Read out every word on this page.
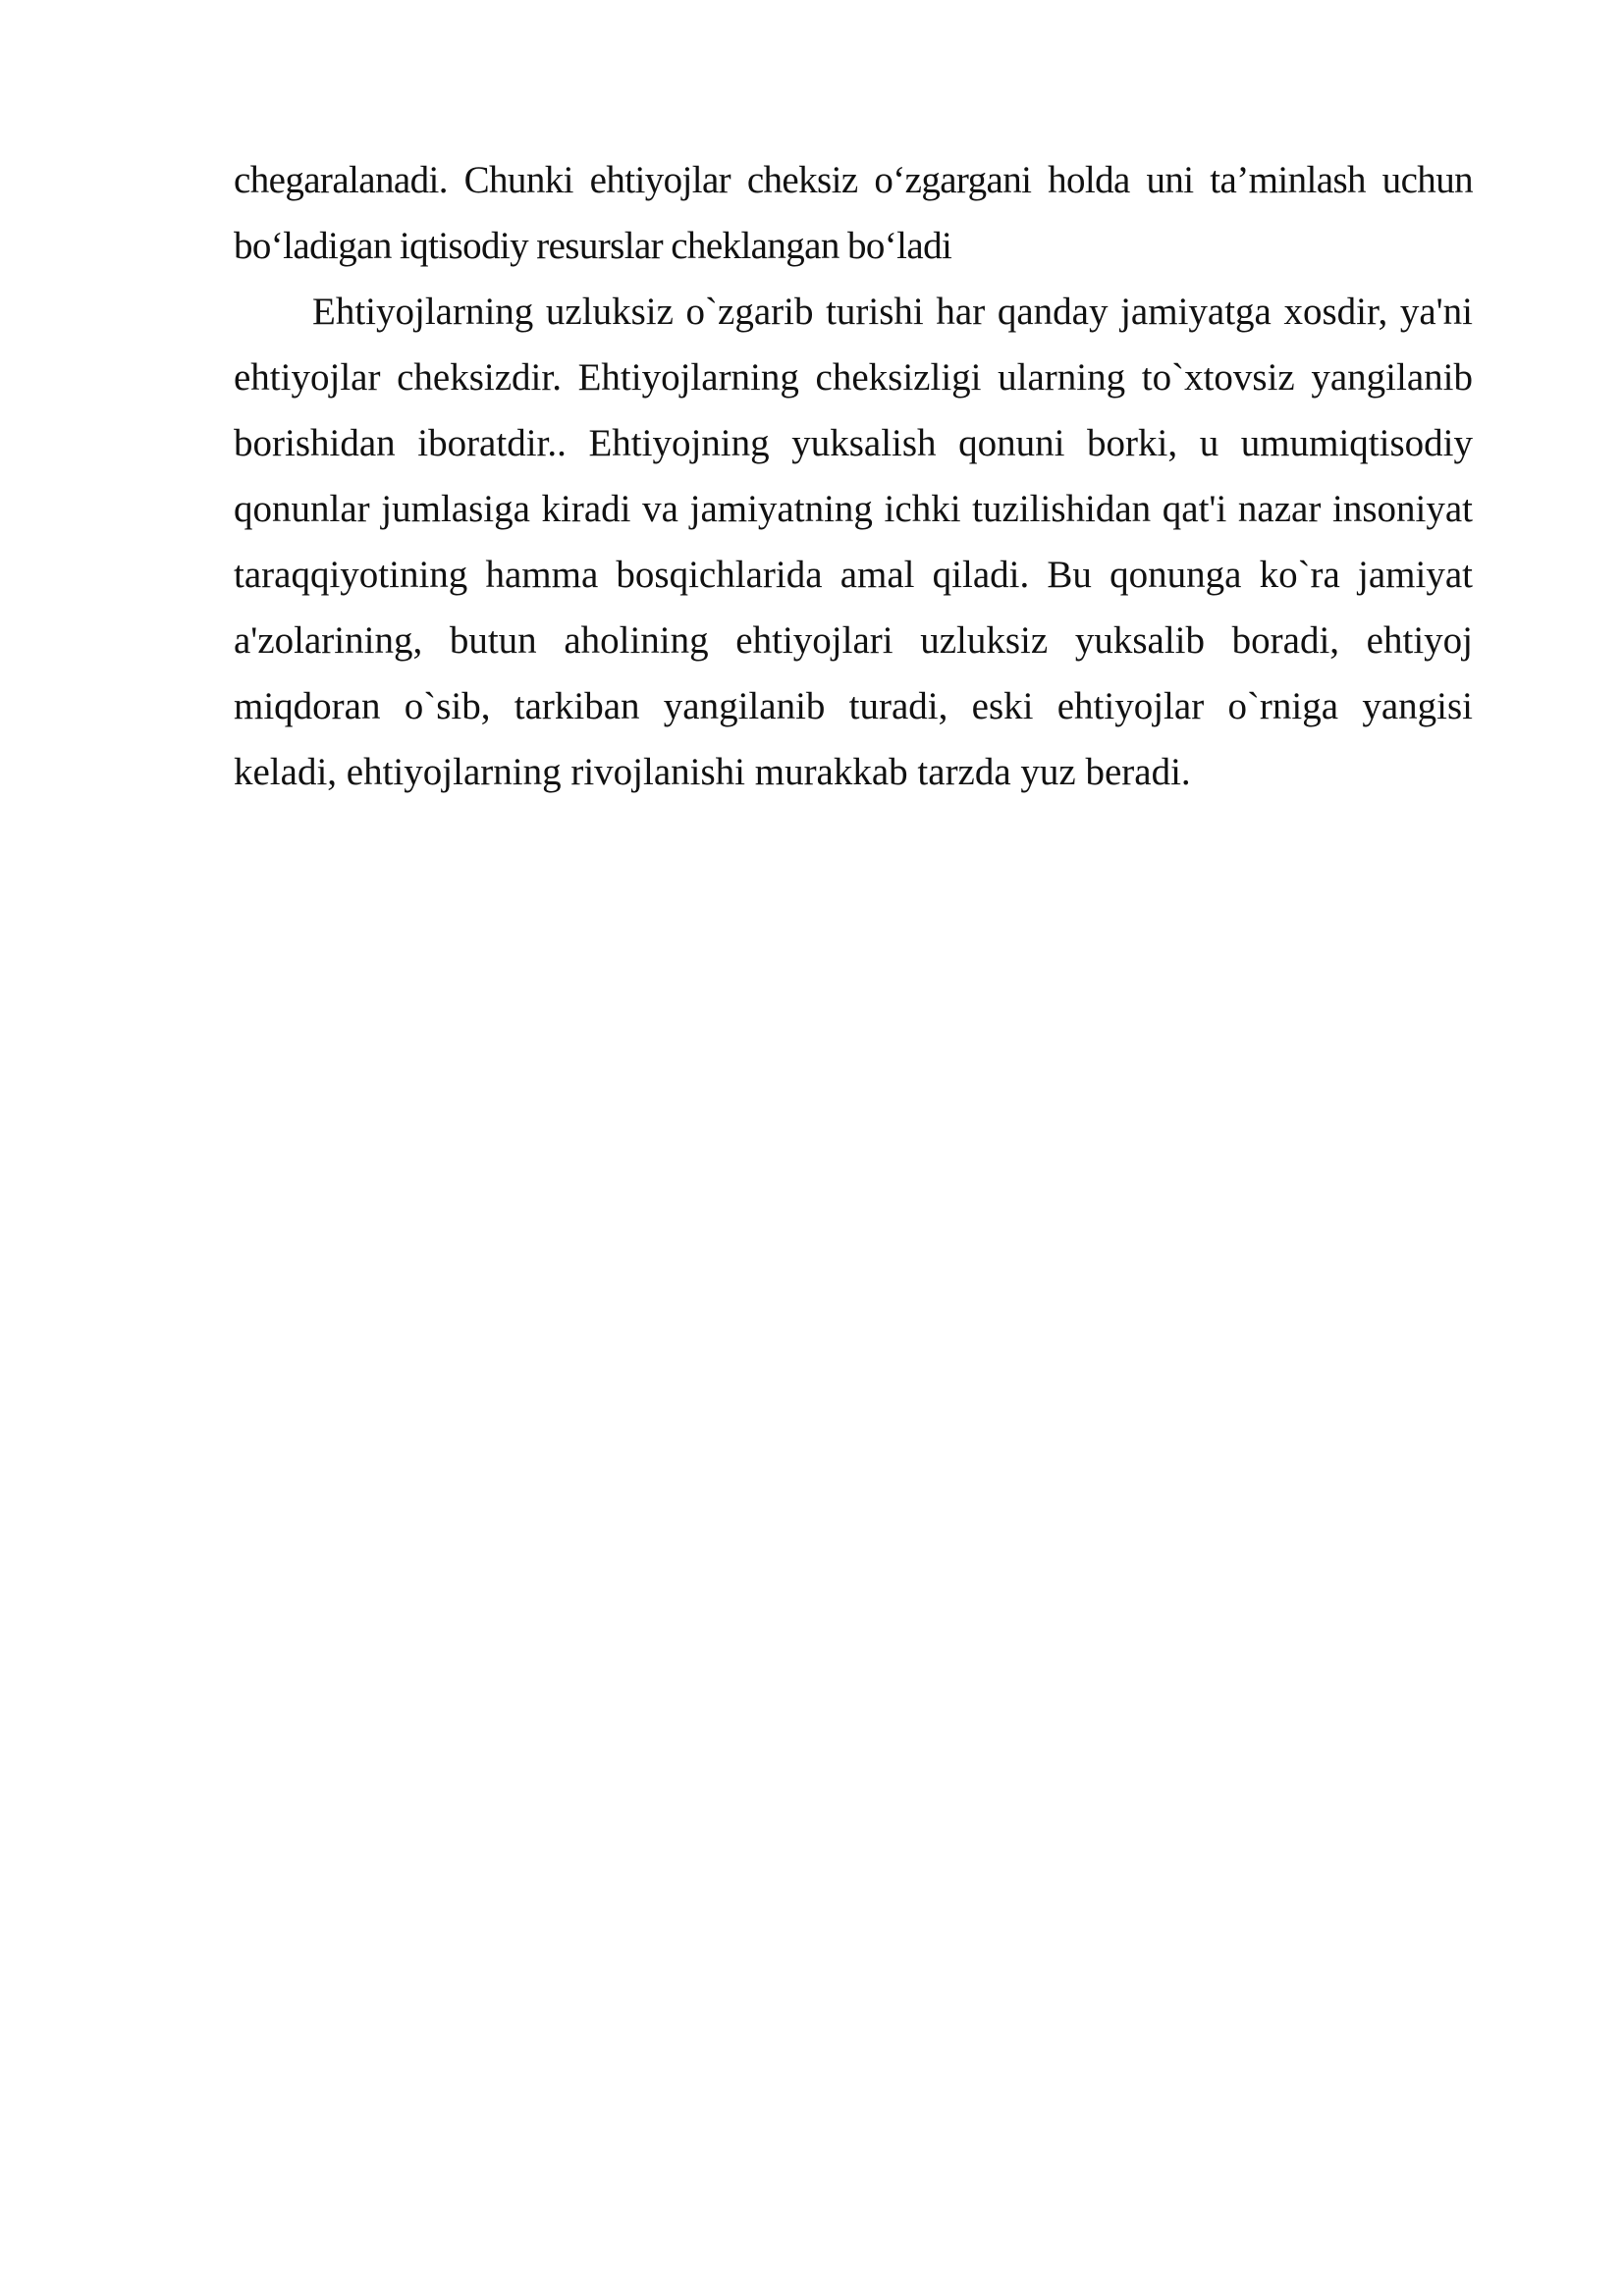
chegaralanadi. Chunki ehtiyojlar cheksiz o‘zgargani holda uni ta’minlash uchun
bo‘ladigan iqtisodiy resurslar cheklangan bo‘ladi
Ehtiyojlarning uzluksiz o`zgarib turishi har qanday jamiyatga xosdir, ya'ni
ehtiyojlar cheksizdir. Ehtiyojlarning cheksizligi ularning to`xtovsiz yangilanib
borishidan iboratdir.. Ehtiyojning yuksalish qonuni borki, u umumiqtisodiy
qonunlar jumlasiga kiradi va jamiyatning ichki tuzilishidan qat'i nazar insoniyat
taraqqiyotining hamma bosqichlarida amal qiladi. Bu qonunga ko`ra jamiyat
a'zolarining, butun aholining ehtiyojlari uzluksiz yuksalib boradi, ehtiyoj
miqdoran o`sib, tarkiban yangilanib turadi, eski ehtiyojlar o`rniga yangisi
keladi, ehtiyojlarning rivojlanishi murakkab tarzda yuz beradi.
